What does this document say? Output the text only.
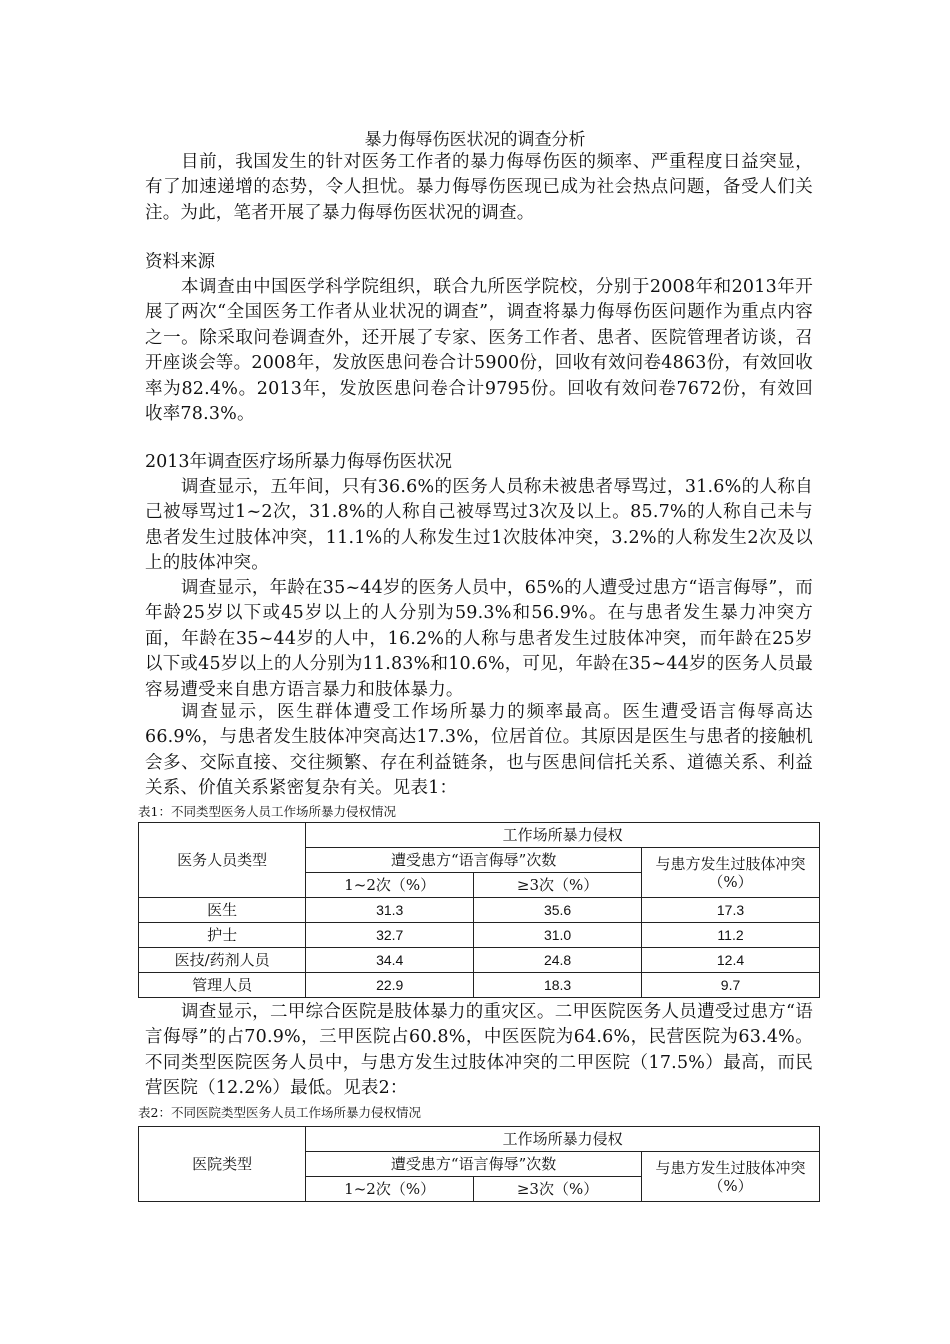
暴力侮辱伤医状况的调查分析

目前，我国发生的针对医务工作者的暴力侮辱伤医的频率、严重程度日益突显，有了加速递增的态势，令人担忧。暴力侮辱伤医现已成为社会热点问题，备受人们关注。为此，笔者开展了暴力侮辱伤医状况的调查。

资料来源

本调查由中国医学科学院组织，联合九所医学院校，分别于2008年和2013年开展了两次“全国医务工作者从业状况的调查”，调查将暴力侮辱伤医问题作为重点内容之一。除采取问卷调查外，还开展了专家、医务工作者、患者、医院管理者访谈，召开座谈会等。2008年，发放医患问卷合计5900份，回收有效问卷4863份，有效回收率为82.4%。2013年，发放医患问卷合计9795份。回收有效问卷7672份，有效回收率78.3%。

2013年调查医疗场所暴力侮辱伤医状况

调查显示，五年间，只有36.6%的医务人员称未被患者辱骂过，31.6%的人称自己被辱骂过1~2次，31.8%的人称自己被辱骂过3次及以上。85.7%的人称自己未与患者发生过肢体冲突，11.1%的人称发生过1次肢体冲突，3.2%的人称发生2次及以上的肢体冲突。

调查显示，年龄在35~44岁的医务人员中，65%的人遭受过患方“语言侮辱”，而年龄25岁以下或45岁以上的人分别为59.3%和56.9%。在与患者发生暴力冲突方面，年龄在35~44岁的人中，16.2%的人称与患者发生过肢体冲突，而年龄在25岁以下或45岁以上的人分别为11.83%和10.6%，可见，年龄在35~44岁的医务人员最容易遭受来自患方语言暴力和肢体暴力。

调查显示，医生群体遭受工作场所暴力的频率最高。医生遭受语言侮辱高达66.9%，与患者发生肢体冲突高达17.3%，位居首位。其原因是医生与患者的接触机会多、交际直接、交往频繁、存在利益链条，也与医患间信托关系、道德关系、利益关系、价值关系紧密复杂有关。见表1：

表1：不同类型医务人员工作场所暴力侵权情况
医务人员类型	工作场所暴力侵权		
	遭受患方“语言侮辱”次数		与患方发生过肢体冲突（%）
	1~2次（%）	≥3次（%）	
医生	31.3	35.6	17.3
护士	32.7	31.0	11.2
医技/药剂人员	34.4	24.8	12.4
管理人员	22.9	18.3	9.7

调查显示，二甲综合医院是肢体暴力的重灾区。二甲医院医务人员遭受过患方“语言侮辱”的占70.9%，三甲医院占60.8%，中医医院为64.6%，民营医院为63.4%。不同类型医院医务人员中，与患方发生过肢体冲突的二甲医院（17.5%）最高，而民营医院（12.2%）最低。见表2：

表2：不同医院类型医务人员工作场所暴力侵权情况
医院类型	工作场所暴力侵权		
	遭受患方“语言侮辱”次数		与患方发生过肢体冲突（%）
	1~2次（%）	≥3次（%）	
